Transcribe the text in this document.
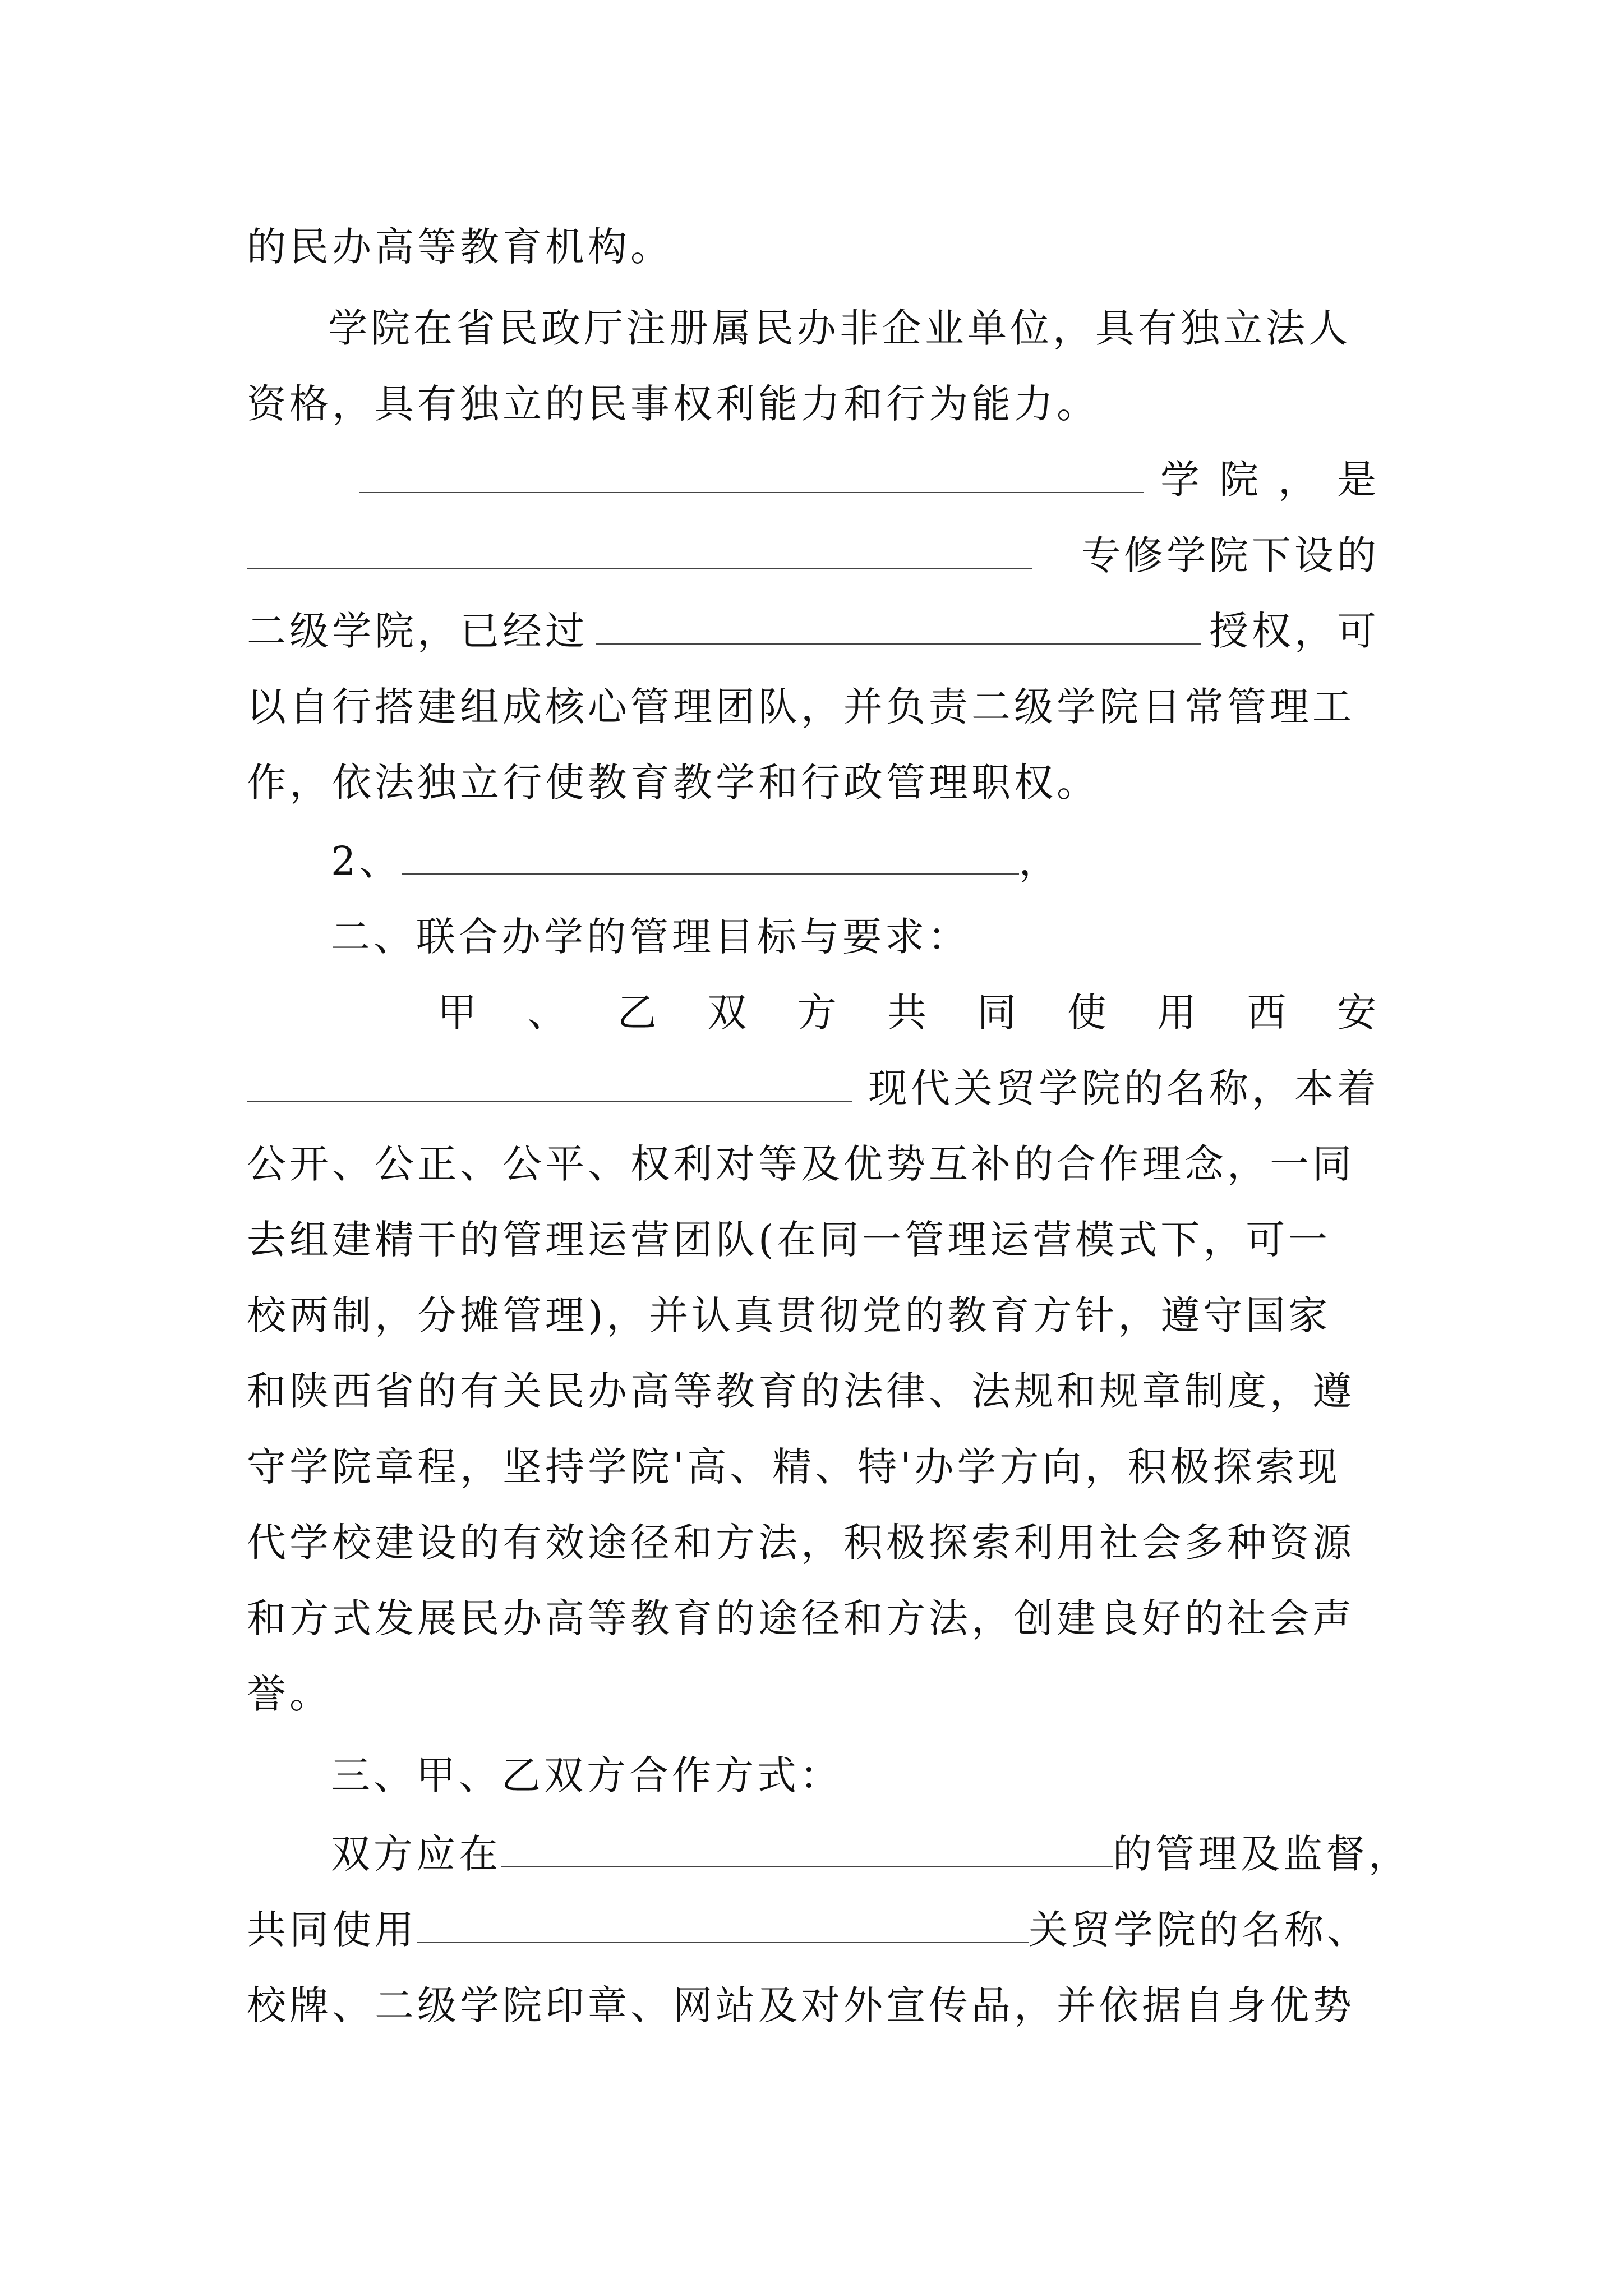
的民办高等教育机构。
学院在省民政厅注册属民办非企业单位，具有独立法人
资格，具有独立的民事权利能力和行为能力。
学 院 ， 是
专修学院下设的
二级学院，已经过	授权，可
以自行搭建组成核心管理团队，并负责二级学院日常管理工
作，依法独立行使教育教学和行政管理职权。
2、	，
二、联合办学的管理目标与要求：
甲 、 乙 双 方 共 同 使 用 西 安
现代关贸学院的名称，本着
公开、公正、公平、权利对等及优势互补的合作理念，一同
去组建精干的管理运营团队(在同一管理运营模式下，可一
校两制，分摊管理)，并认真贯彻党的教育方针，遵守国家
和陕西省的有关民办高等教育的法律、法规和规章制度，遵
守学院章程，坚持学院'高、精、特'办学方向，积极探索现
代学校建设的有效途径和方法，积极探索利用社会多种资源
和方式发展民办高等教育的途径和方法，创建良好的社会声
誉。
三、甲、乙双方合作方式：
双方应在	的管理及监督，
共同使用	关贸学院的名称、
校牌、二级学院印章、网站及对外宣传品，并依据自身优势
